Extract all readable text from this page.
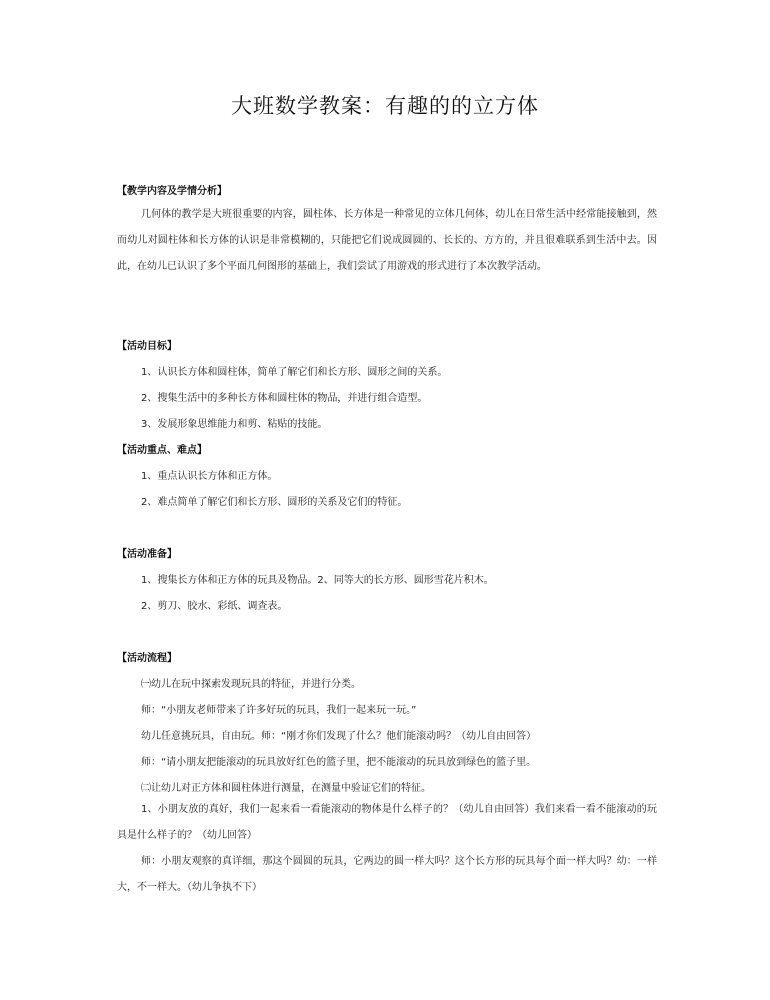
大班数学教案：有趣的的立方体
【教学内容及学情分析】
几何体的教学是大班很重要的内容，圆柱体、长方体是一种常见的立体几何体，幼儿在日常生活中经常能接触到，然而幼儿对圆柱体和长方体的认识是非常模糊的，只能把它们说成圆圆的、长长的、方方的，并且很难联系到生活中去。因此，在幼儿已认识了多个平面几何图形的基础上，我们尝试了用游戏的形式进行了本次教学活动。
【活动目标】
1、认识长方体和圆柱体，简单了解它们和长方形、圆形之间的关系。
2、搜集生活中的多种长方体和圆柱体的物品，并进行组合造型。
3、发展形象思维能力和剪、粘贴的技能。
【活动重点、难点】
1、重点认识长方体和正方体。
2、难点简单了解它们和长方形、圆形的关系及它们的特征。
【活动准备】
1、搜集长方体和正方体的玩具及物品。2、同等大的长方形、圆形雪花片积木。
2、剪刀、胶水、彩纸、调查表。
【活动流程】
㈠幼儿在玩中探索发现玩具的特征，并进行分类。
师：“小朋友老师带来了许多好玩的玩具，我们一起来玩一玩。”
幼儿任意挑玩具，自由玩。师：“刚才你们发现了什么？他们能滚动吗？（幼儿自由回答）
师：“请小朋友把能滚动的玩具放好红色的篮子里，把不能滚动的玩具放到绿色的篮子里。
㈡让幼儿对正方体和圆柱体进行测量，在测量中验证它们的特征。
1、小朋友放的真好，我们一起来看一看能滚动的物体是什么样子的？（幼儿自由回答）我们来看一看不能滚动的玩具是什么样子的？（幼儿回答）
师：小朋友观察的真详细，那这个圆圆的玩具，它两边的圆一样大吗？这个长方形的玩具每个面一样大吗？幼：一样大，不一样大。（幼儿争执不下）
